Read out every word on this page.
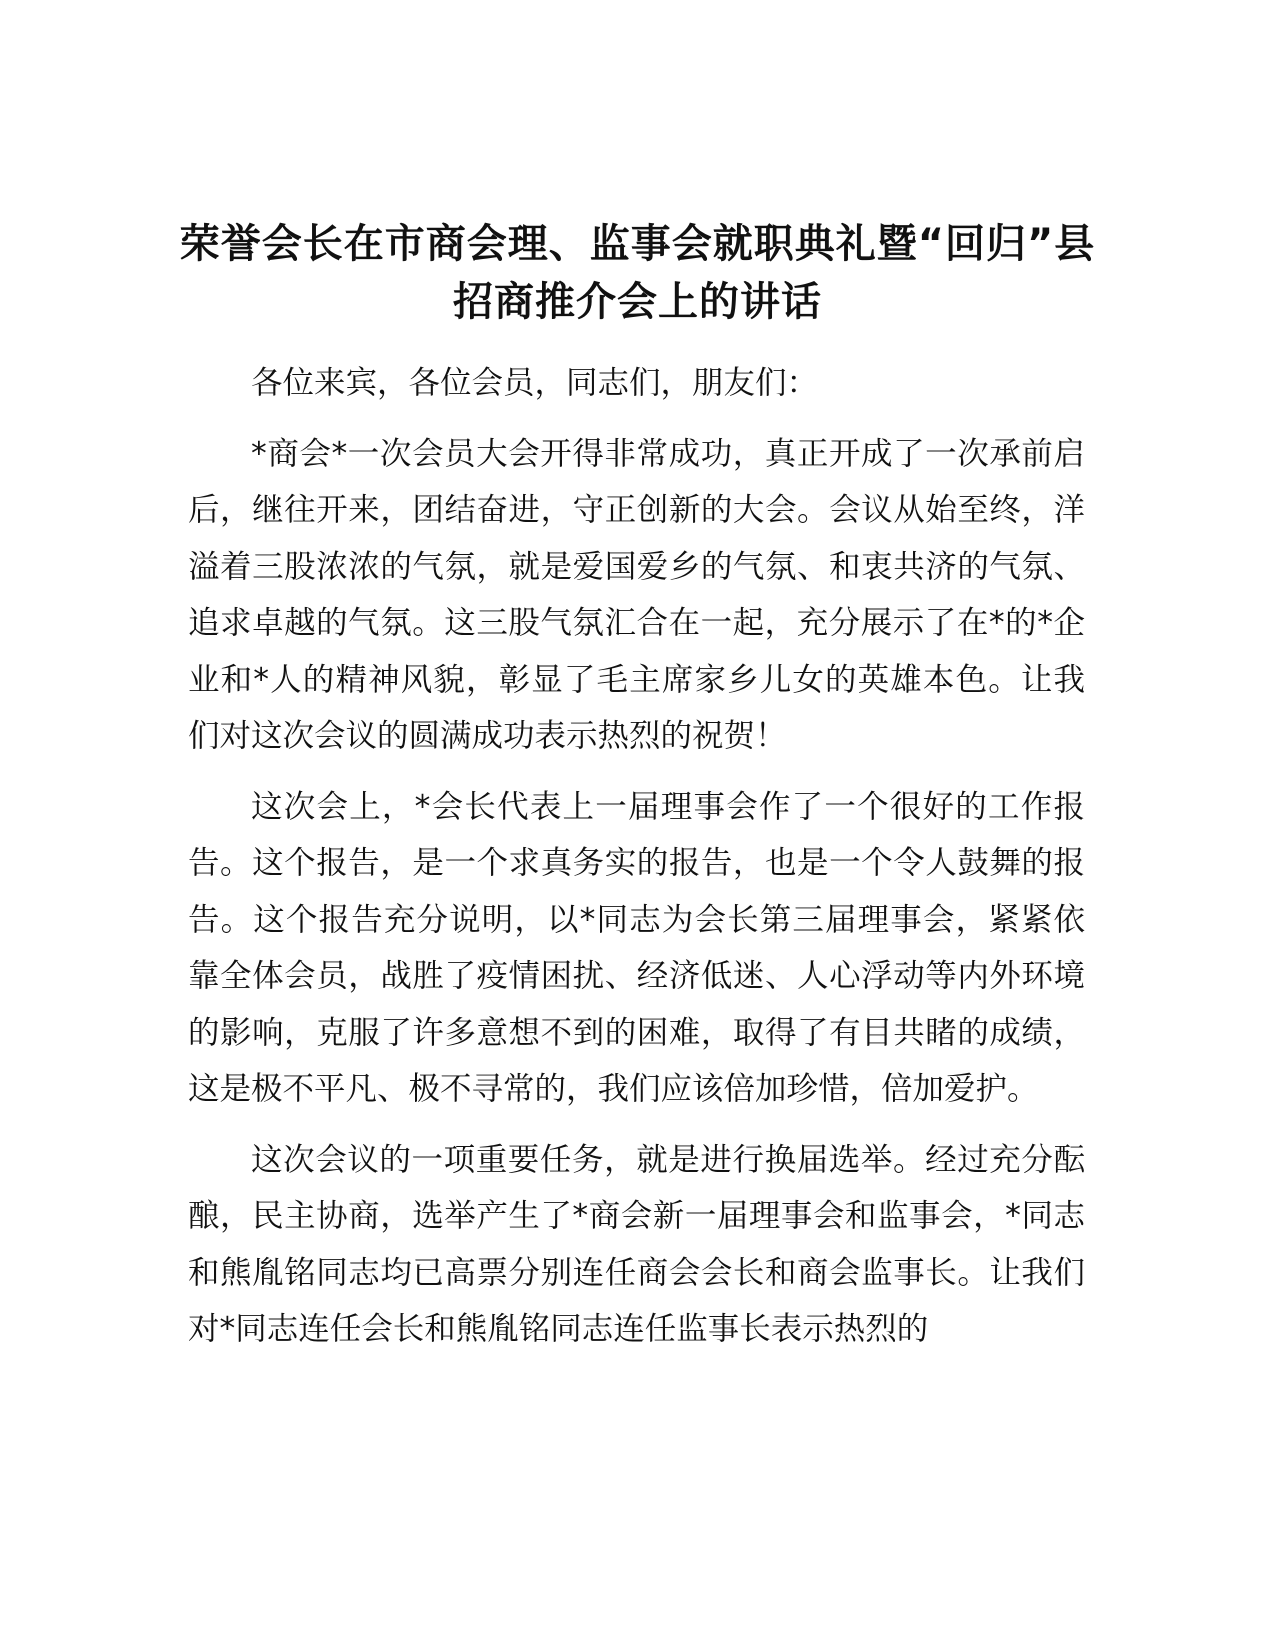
荣誉会长在市商会理、监事会就职典礼暨“回归”县招商推介会上的讲话

各位来宾，各位会员，同志们，朋友们：

*商会*一次会员大会开得非常成功，真正开成了一次承前启后，继往开来，团结奋进，守正创新的大会。会议从始至终，洋溢着三股浓浓的气氛，就是爱国爱乡的气氛、和衷共济的气氛、追求卓越的气氛。这三股气氛汇合在一起，充分展示了在*的*企业和*人的精神风貌，彰显了毛主席家乡儿女的英雄本色。让我们对这次会议的圆满成功表示热烈的祝贺！

这次会上，*会长代表上一届理事会作了一个很好的工作报告。这个报告，是一个求真务实的报告，也是一个令人鼓舞的报告。这个报告充分说明，以*同志为会长第三届理事会，紧紧依靠全体会员，战胜了疫情困扰、经济低迷、人心浮动等内外环境的影响，克服了许多意想不到的困难，取得了有目共睹的成绩，这是极不平凡、极不寻常的，我们应该倍加珍惜，倍加爱护。

这次会议的一项重要任务，就是进行换届选举。经过充分酝酿，民主协商，选举产生了*商会新一届理事会和监事会，*同志和熊胤铭同志均已高票分别连任商会会长和商会监事长。让我们对*同志连任会长和熊胤铭同志连任监事长表示热烈的
